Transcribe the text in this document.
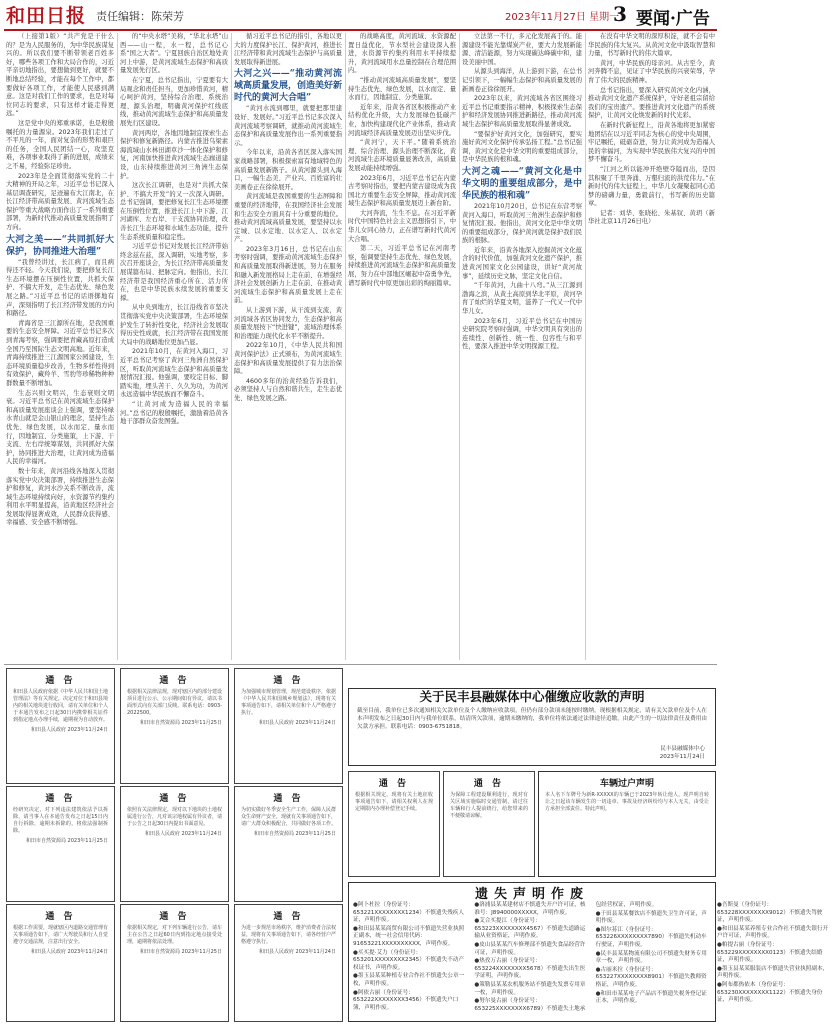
和田日报 责任编辑：陈荣芳	2023年11月27日 星期一
3 要闻·广告

（上接第1版）“共产党是干什么的？是为人民服务的，为中华民族谋复兴的。所以我们要不断带领老百姓多好，哪些各项工作和大局合作的，习近平亲切地指出，要想做到更好，就要不断地总结经验，才能在每个工作中，都要做好各项工作，才能使人民感到满意。这是对我们工作的要求，也是对每位同志的要求，只有这样才能走得更远。”

这是党中央的郑重承诺，也是殷殷嘱托的力量源泉。2023年我们走过了不平凡的一年，面对复杂的形势和艰巨的任务，全国人民团结一心，攻坚克难，各项事业取得了新的进展，成绩来之不易，经验弥足珍贵。

2023年是全面贯彻落实党的二十大精神的开局之年，习近平总书记深入基层调查研究，足迹遍布大江南北，在长江经济带高质量发展、黄河流域生态保护等重大战略方面作出了一系列重要部署，为新时代推动高质量发展指明了方向。

大河之美——“共同抓好大保护，协同推进大治理”

“我曾经讲过，长江病了，而且病得还不轻。今天我们说，要把修复长江生态环境摆在压倒性位置，共抓大保护、不搞大开发，走生态优先、绿色发展之路。”习近平总书记的话语掷地有声，深刻指明了长江经济带发展的方向和路径。

青海省是三江源所在地，是我国重要的生态安全屏障。习近平总书记多次到青海考察，强调要把青藏高原打造成全国乃至国际生态文明高地。近年来，青海持续推进三江源国家公园建设，生态环境质量稳步改善，生物多样性得到有效保护，藏羚羊、雪豹等珍稀物种种群数量不断增加。

生态兴则文明兴，生态衰则文明衰。习近平总书记在黄河流域生态保护和高质量发展座谈会上强调，要坚持绿水青山就是金山银山的理念，坚持生态优先、绿色发展，以水而定、量水而行，因地制宜、分类施策，上下游、干支流、左右岸统筹谋划，共同抓好大保护，协同推进大治理，让黄河成为造福人民的幸福河。

数十年来，黄河沿线各地深入贯彻落实党中央决策部署，持续推进生态保护和修复，黄河水沙关系不断改善，流域生态环境持续向好，水资源节约集约利用水平明显提高，沿黄地区经济社会发展取得显著成效，人民群众获得感、幸福感、安全感不断增强。

的“中央水塔”美称，“华北水塔”山西——山一程，水一程，总书记心系“国之大者”。宁夏回族自治区地处黄河上中游，是黄河流域生态保护和高质量发展先行区。

在宁夏，总书记指出，宁夏要有大局观念和责任担当，更加珍惜黄河，精心呵护黄河，坚持综合治理、系统治理、源头治理，明确黄河保护红线底线，推动黄河流域生态保护和高质量发展先行区建设。

黄河两岸，各地因地制宜探索生态保护和修复新路径。内蒙古推进乌梁素海流域山水林田湖草沙一体化保护和修复，河南加快推进黄河流域生态廊道建设，山东持续推进黄河三角洲生态保护。

这次长江调研，也是对“共抓大保护、不搞大开发”的又一次深入调研。总书记强调，要把修复长江生态环境摆在压倒性位置，推进长江上中下游、江河湖库、左右岸、干支流协同治理，改善长江生态环境和水域生态功能，提升生态系统质量和稳定性。

习近平总书记对发展长江经济带始终念兹在兹，深入调研，实地考察，多次召开座谈会，为长江经济带高质量发展谋篇布局、把脉定向。他指出，长江经济带是我国经济重心所在、活力所在，也是中华民族永续发展的重要支撑。

从中央到地方，长江沿线省市坚决贯彻落实党中央决策部署，生态环境保护发生了转折性变化，经济社会发展取得历史性成就，长江经济带在我国发展大局中的战略地位更加凸显。

2021年10月，在黄河入海口，习近平总书记考察了黄河三角洲自然保护区，听取黄河流域生态保护和高质量发展情况汇报。他强调，要咬定目标、脚踏实地，埋头苦干、久久为功，为黄河永远造福中华民族而不懈奋斗。

“让黄河成为造福人民的幸福河。”总书记的殷殷嘱托，激励着沿黄各地干部群众奋发图强。

循习近平总书记的指引，各地以更大的力度保护长江、保护黄河，推进长江经济带和黄河流域生态保护与高质量发展取得新进展。

大河之兴——“推动黄河流域高质量发展，创造美好新时代的黄河大合唱”

“黄河水流到哪里，就要把那里建设好、发展好。”习近平总书记多次深入黄河流域考察调研，就推动黄河流域生态保护和高质量发展作出一系列重要指示。

今年以来，沿黄各省区深入落实国家战略部署，积极探索富有地域特色的高质量发展新路子。从黄河源头到入海口，一幅生态美、产业兴、百姓富的壮美画卷正在徐徐展开。

黄河流域是我国重要的生态屏障和重要的经济地带，在我国经济社会发展和生态安全方面具有十分重要的地位。推动黄河流域高质量发展，要坚持以水定城、以水定地、以水定人、以水定产。

2023年3月16日，总书记在山东考察时强调，要推动黄河流域生态保护和高质量发展取得新进展，努力在服务和融入新发展格局上走在前、在增强经济社会发展创新力上走在前、在推动黄河流域生态保护和高质量发展上走在前。

从上游到下游，从干流到支流，黄河流域各省区协同发力，生态保护和高质量发展按下“快进键”，流域治理体系和治理能力现代化水平不断提升。

2022年10月，《中华人民共和国黄河保护法》正式颁布，为黄河流域生态保护和高质量发展提供了有力法治保障。

4600多年的治黄经验告诉我们，必须坚持人与自然和谐共生，走生态优先、绿色发展之路。

的战略高度，黄河流域、水资源配置日益优化，节水型社会建设深入推进，水资源节约集约利用水平持续提升，黄河流域用水总量控制在合理范围内。

“推动黄河流域高质量发展”，要坚持生态优先、绿色发展，以水而定、量水而行，因地制宜、分类施策。

近年来，沿黄各省区积极推动产业结构优化升级，大力发展绿色低碳产业，加快构建现代化产业体系，推动黄河流域经济高质量发展迈出坚实步伐。

“黄河宁，天下平。”随着系统治理、综合治理、源头治理不断深化，黄河流域生态环境质量显著改善，高质量发展动能持续增强。

2023年6月，习近平总书记在内蒙古考察时指出，要把内蒙古建设成为我国北方重要生态安全屏障，推动黄河流域生态保护和高质量发展迈上新台阶。

大河奔流，生生不息。在习近平新时代中国特色社会主义思想指引下，中华儿女同心协力，正在谱写新时代黄河大合唱。

第二天，习近平总书记在河南考察，强调要坚持生态优先、绿色发展，持续推进黄河流域生态保护和高质量发展，努力在中部地区崛起中奋勇争先，谱写新时代中原更加出彩的绚丽篇章。

立法第一不行，多元化发展高于的。能源建设不能光靠煤炭产业，要大力发展新能源、清洁能源，努力实现碳达峰碳中和，建设美丽中国。

从源头到海洋，从上游到下游，在总书记引领下，一幅幅生态保护和高质量发展的新画卷正徐徐展开。

2023年以来，黄河流域各省区围绕习近平总书记重要指示精神，积极探索生态保护和经济发展协同推进新路径，推动黄河流域生态保护和高质量发展取得显著成效。

“要保护好黄河文化，加强研究，要实施好黄河文化保护传承弘扬工程。”总书记强调，黄河文化是中华文明的重要组成部分，是中华民族的根和魂。

大河之魂——“黄河文化是中华文明的重要组成部分，是中华民族的根和魂”

2021年10月20日，总书记在东营考察黄河入海口，听取黄河三角洲生态保护和修复情况汇报。他指出，黄河文化是中华文明的重要组成部分，保护黄河就是保护我们民族的根脉。

近年来，沿黄各地深入挖掘黄河文化蕴含的时代价值，加强黄河文化遗产保护，推进黄河国家文化公园建设，讲好“黄河故事”，延续历史文脉，坚定文化自信。

“千年黄河，九曲十八弯。”从三江源到渤海之滨，从黄土高原到华北平原，黄河孕育了灿烂的华夏文明，滋养了一代又一代中华儿女。

2023年6月，习近平总书记在中国历史研究院考察时强调，中华文明具有突出的连续性、创新性、统一性、包容性与和平性，要深入推进中华文明探源工程。

在没有中华文明的深厚积淀，就不会有中华民族的伟大复兴。从黄河文化中汲取智慧和力量，书写新时代的伟大篇章。

黄河，中华民族的母亲河。从古至今，黄河奔腾不息，见证了中华民族的兴衰荣辱，孕育了伟大的民族精神。

总书记指出，要深入研究黄河文化内涵，推动黄河文化遗产系统保护，守好老祖宗留给我们的宝贵遗产。要推进黄河文化遗产的系统保护，让黄河文化焕发新的时代光彩。

在新时代新征程上，沿黄各地将更加紧密地团结在以习近平同志为核心的党中央周围，牢记嘱托，砥砺奋进，努力让黄河成为造福人民的幸福河，为实现中华民族伟大复兴的中国梦不懈奋斗。

“江河之所以能冲开绝壁夺隘而出，是因其积聚了千里奔涌、万壑归流的洪荒伟力。”在新时代的伟大征程上，中华儿女凝聚起同心追梦的磅礴力量，勇毅前行，书写新的历史篇章。

记者：刘华、张晓松、朱基钗、黄玥（新华社北京11月26日电）

通 告
和田县人民政府依据《中华人民共和国土地管理法》等有关规定，决定对位于和田县境内的相关地块进行收回，请有关单位和个人于本通告发布之日起30日内携带相关证件到指定地点办理手续，逾期视为自动放弃。
和田县人民政府 2023年11月24日
通 告
根据相关法律法规，现对辖区内的部分建设项目进行公示，公示期间如有异议，请以书面形式向有关部门反映。联系电话：0903-2022500。
和田市自然资源局 2023年11月25日
通 告
为加强城市规划管理，规范建设秩序，依据《中华人民共和国城乡规划法》，现将有关事项通告如下，请相关单位和个人严格遵守执行。
和田县人民政府 2023年11月24日
通 告
经研究决定，对下列违法建筑依法予以拆除，请当事人在本通告发布之日起15日内自行拆除，逾期未拆除的，将依法强制拆除。
和田市自然资源局 2023年11月25日
通 告
依照有关法律规定，现对以下地块的土地权属进行公告，凡对该宗地权属有异议者，请于公告之日起30日内提出书面意见。
和田县人民政府 2023年11月24日
通 告
为切实做好冬季安全生产工作，保障人民群众生命财产安全，现就有关事项通告如下，请广大群众积极配合，共同做好各项工作。
和田市自然资源局 2023年11月25日
通 告
根据工作需要，现就辖区内道路交通管理有关事项通告如下，请广大驾驶员和行人自觉遵守交通法规，注意出行安全。
和田县人民政府 2023年11月24日
通 告
依据相关规定，对下列车辆进行公告，请车主在公告之日起60日内到指定地点接受处理，逾期将依法处理。
和田市自然资源局 2023年11月25日
通 告
为进一步规范市场秩序，维护消费者合法权益，现将有关事项通告如下，请各经营户严格遵守执行。
和田县人民政府 2023年11月24日
关于民丰县融媒体中心催缴应收款的声明
截至目前，我单位已多次通知相关欠款单位及个人缴纳应收款项，但仍有部分款项未能按时缴纳。现根据相关规定，请有关欠款单位及个人在本声明发布之日起30日内与我单位联系，结清所欠款项，逾期未缴纳的，我单位将依法通过法律途径追缴，由此产生的一切法律责任及费用由欠款方承担。联系电话：0903-6751818。
民丰县融媒体中心
2023年11月24日
通 告
根据相关规定，现将有关土地征收事项通告如下，请相关权利人在规定期限内办理补偿登记手续。
通 告
为保障工程建设顺利进行，现对有关区域实施临时交通管制，请过往车辆和行人提前绕行，给您带来的不便敬请谅解。
车辆过户声明
本人名下车牌号为新R·XXXXX的车辆已于2023年转让他人，现声明自转让之日起该车辆发生的一切违章、事故及经济纠纷均与本人无关，由受让方承担全部责任。特此声明。
遗失声明作废
●阿卜杜拉（身份证号：653221XXXXXXXX1234）不慎遗失残疾人证，声明作废。
●和田县某某商贸有限公司不慎遗失营业执照正副本，统一社会信用代码：91653221XXXXXXXXXX，声明作废。
●买买提·艾力（身份证号：653201XXXXXXXX2345）不慎遗失不动产权证书，声明作废。
●墨玉县某某种植专业合作社不慎遗失公章一枚，声明作废。
●阿依古丽（身份证号：653222XXXXXXXX3456）不慎遗失户口簿，声明作废。
●洛浦县某某建材店不慎遗失开户许可证，核准号：J8940000XXXXX，声明作废。
●艾合买提江（身份证号：653223XXXXXXXX4567）不慎遗失道路运输从业资格证，声明作废。
●皮山县某某汽车修理部不慎遗失食品经营许可证，声明作废。
●热孜万古丽（身份证号：653224XXXXXXXX5678）不慎遗失出生医学证明，声明作废。
●策勒县某某农机服务站不慎遗失发票专用章一枚，声明作废。
●努尔曼古丽（身份证号：653225XXXXXXXX6789）不慎遗失土地承包经营权证，声明作废。
●于田县某某餐饮店不慎遗失卫生许可证，声明作废。
●图尔荪江（身份证号：653226XXXXXXXX7890）不慎遗失机动车行驶证，声明作废。
●民丰县某某物流有限公司不慎遗失财务专用章一枚，声明作废。
●古丽米拉（身份证号：653227XXXXXXXX8901）不慎遗失教师资格证，声明作废。
●和田市某某电子产品店不慎遗失税务登记证正本，声明作废。
●吾斯曼（身份证号：653228XXXXXXXX9012）不慎遗失驾驶证，声明作废。
●和田县某某养殖专业合作社不慎遗失银行开户许可证，声明作废。
●帕提古丽（身份证号：653229XXXXXXXX0123）不慎遗失结婚证，声明作废。
●墨玉县某某服装店不慎遗失营业执照副本，声明作废。
●阿布都热依木（身份证号：653230XXXXXXXX1122）不慎遗失身份证，声明作废。
